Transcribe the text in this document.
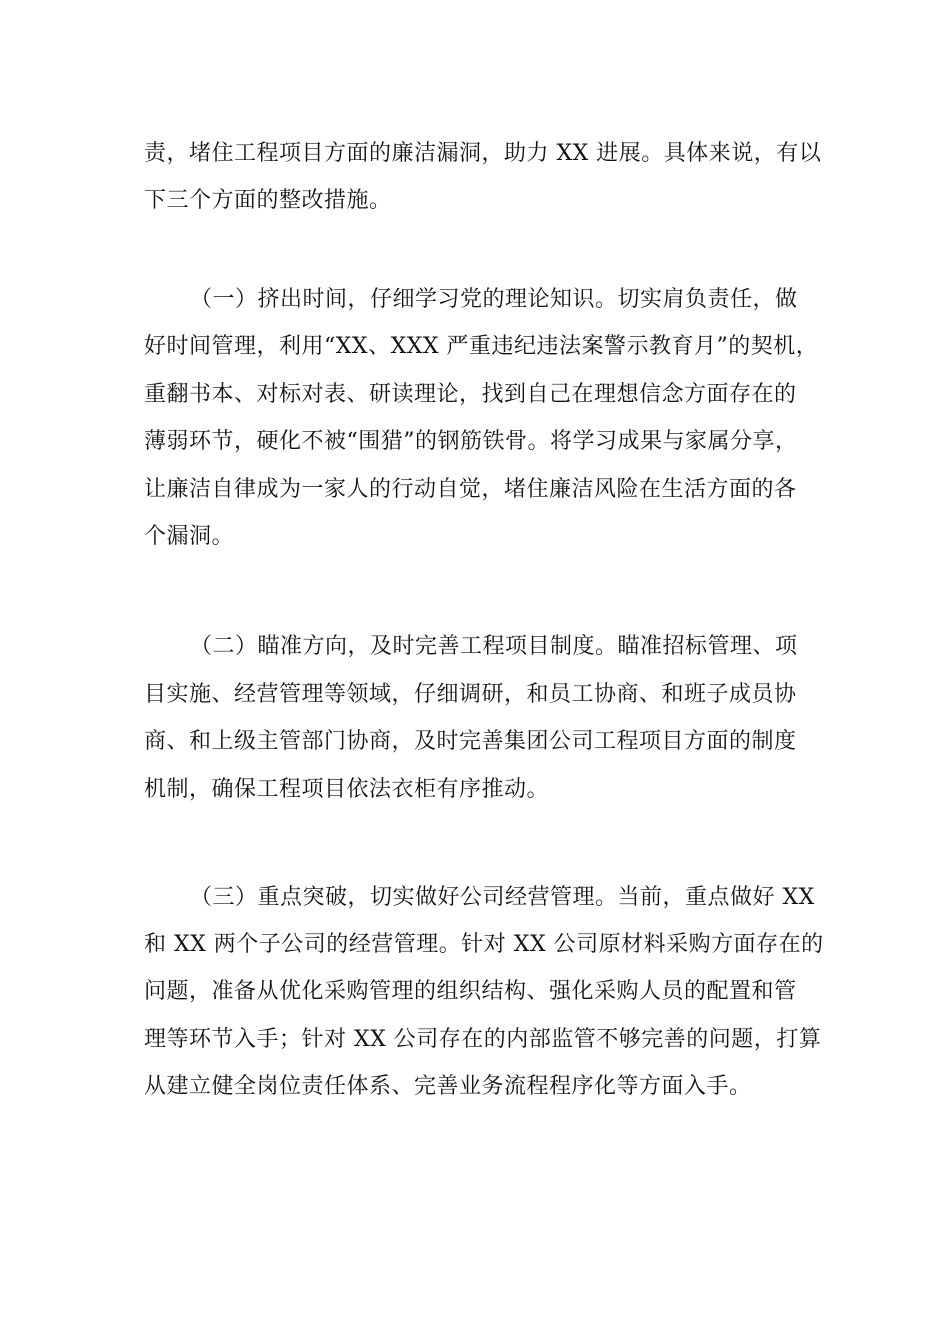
责，堵住工程项目方面的廉洁漏洞，助力 XX 进展。具体来说，有以

下三个方面的整改措施。

（一）挤出时间，仔细学习党的理论知识。切实肩负责任，做

好时间管理，利用“XX、XXX 严重违纪违法案警示教育月”的契机，

重翻书本、对标对表、研读理论，找到自己在理想信念方面存在的

薄弱环节，硬化不被“围猎”的钢筋铁骨。将学习成果与家属分享，

让廉洁自律成为一家人的行动自觉，堵住廉洁风险在生活方面的各

个漏洞。

（二）瞄准方向，及时完善工程项目制度。瞄准招标管理、项

目实施、经营管理等领域，仔细调研，和员工协商、和班子成员协

商、和上级主管部门协商，及时完善集团公司工程项目方面的制度

机制，确保工程项目依法衣柜有序推动。

（三）重点突破，切实做好公司经营管理。当前，重点做好 XX

和 XX 两个子公司的经营管理。针对 XX 公司原材料采购方面存在的

问题，准备从优化采购管理的组织结构、强化采购人员的配置和管

理等环节入手；针对 XX 公司存在的内部监管不够完善的问题，打算

从建立健全岗位责任体系、完善业务流程程序化等方面入手。
